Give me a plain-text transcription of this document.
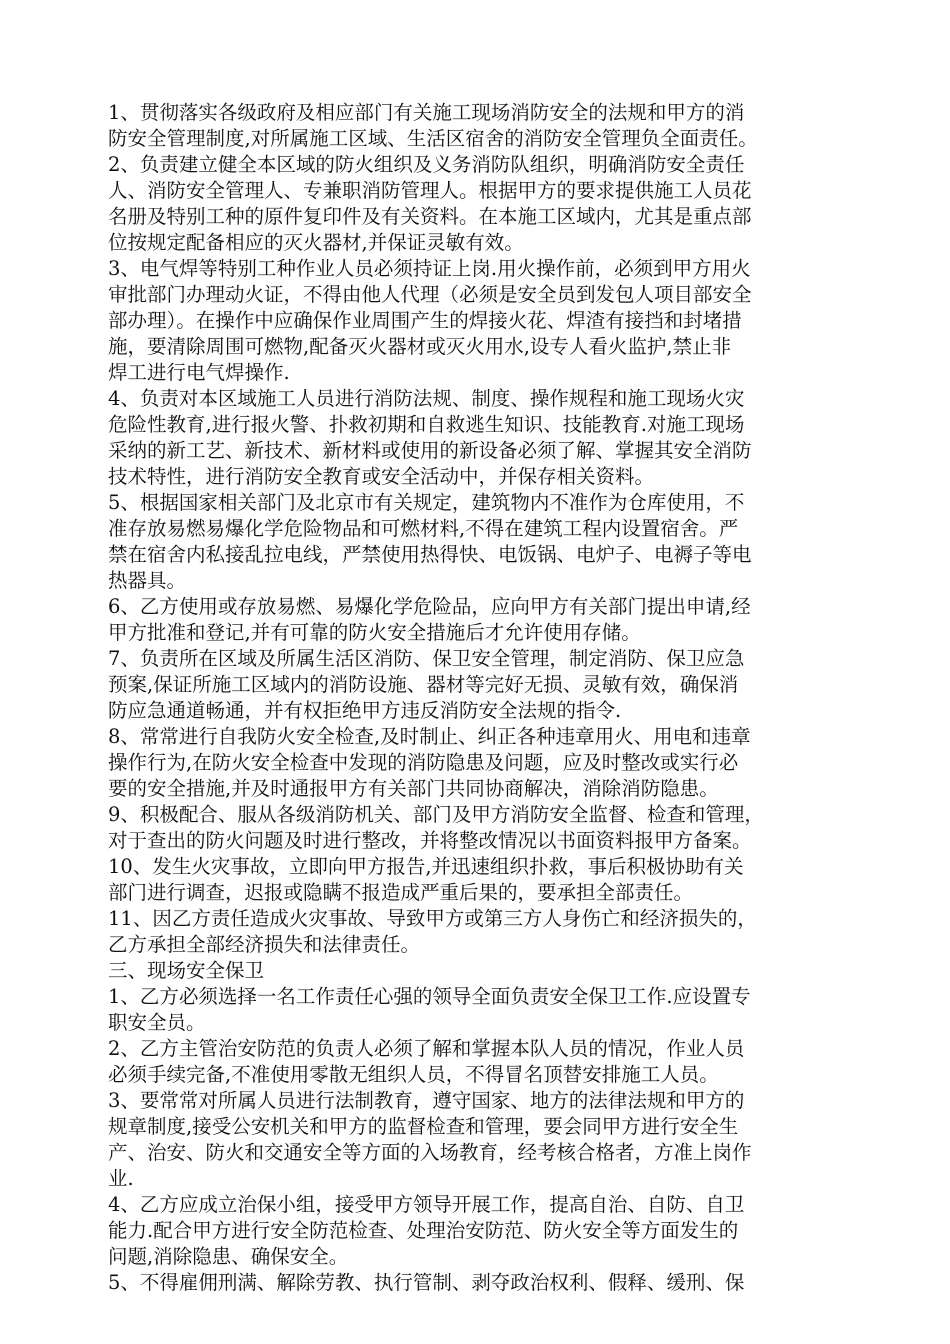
1、贯彻落实各级政府及相应部门有关施工现场消防安全的法规和甲方的消
防安全管理制度,对所属施工区域、生活区宿舍的消防安全管理负全面责任。

2、负责建立健全本区域的防火组织及义务消防队组织，明确消防安全责任
人、消防安全管理人、专兼职消防管理人。根据甲方的要求提供施工人员花
名册及特别工种的原件复印件及有关资料。在本施工区域内，尤其是重点部
位按规定配备相应的灭火器材,并保证灵敏有效。

3、电气焊等特别工种作业人员必须持证上岗.用火操作前，必须到甲方用火
审批部门办理动火证，不得由他人代理（必须是安全员到发包人项目部安全
部办理）。在操作中应确保作业周围产生的焊接火花、焊渣有接挡和封堵措
施，要清除周围可燃物,配备灭火器材或灭火用水,设专人看火监护,禁止非
焊工进行电气焊操作.

4、负责对本区域施工人员进行消防法规、制度、操作规程和施工现场火灾
危险性教育,进行报火警、扑救初期和自救逃生知识、技能教育.对施工现场
采纳的新工艺、新技术、新材料或使用的新设备必须了解、掌握其安全消防
技术特性，进行消防安全教育或安全活动中，并保存相关资料。

5、根据国家相关部门及北京市有关规定，建筑物内不准作为仓库使用，不
准存放易燃易爆化学危险物品和可燃材料,不得在建筑工程内设置宿舍。严
禁在宿舍内私接乱拉电线，严禁使用热得快、电饭锅、电炉子、电褥子等电
热器具。

6、乙方使用或存放易燃、易爆化学危险品，应向甲方有关部门提出申请,经
甲方批准和登记,并有可靠的防火安全措施后才允许使用存储。

7、负责所在区域及所属生活区消防、保卫安全管理，制定消防、保卫应急
预案,保证所施工区域内的消防设施、器材等完好无损、灵敏有效，确保消
防应急通道畅通，并有权拒绝甲方违反消防安全法规的指令.

8、常常进行自我防火安全检查,及时制止、纠正各种违章用火、用电和违章
操作行为,在防火安全检查中发现的消防隐患及问题，应及时整改或实行必
要的安全措施,并及时通报甲方有关部门共同协商解决，消除消防隐患。

9、积极配合、服从各级消防机关、部门及甲方消防安全监督、检查和管理，
对于查出的防火问题及时进行整改，并将整改情况以书面资料报甲方备案。

10、发生火灾事故，立即向甲方报告,并迅速组织扑救，事后积极协助有关
部门进行调查，迟报或隐瞒不报造成严重后果的，要承担全部责任。

11、因乙方责任造成火灾事故、导致甲方或第三方人身伤亡和经济损失的，
乙方承担全部经济损失和法律责任。

三、现场安全保卫

1、乙方必须选择一名工作责任心强的领导全面负责安全保卫工作.应设置专
职安全员。

2、乙方主管治安防范的负责人必须了解和掌握本队人员的情况，作业人员
必须手续完备,不准使用零散无组织人员，不得冒名顶替安排施工人员。

3、要常常对所属人员进行法制教育，遵守国家、地方的法律法规和甲方的
规章制度,接受公安机关和甲方的监督检查和管理，要会同甲方进行安全生
产、治安、防火和交通安全等方面的入场教育，经考核合格者，方准上岗作
业.

4、乙方应成立治保小组，接受甲方领导开展工作，提高自治、自防、自卫
能力.配合甲方进行安全防范检查、处理治安防范、防火安全等方面发生的
问题,消除隐患、确保安全。

5、不得雇佣刑满、解除劳教、执行管制、剥夺政治权利、假释、缓刑、保
